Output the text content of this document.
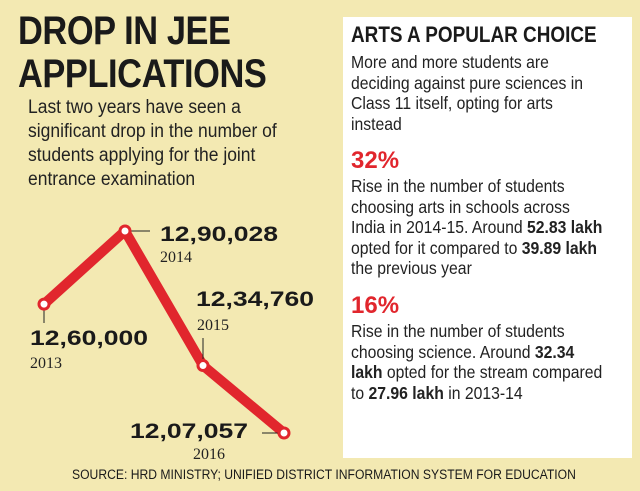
DROP IN JEE
APPLICATIONS
Last two years have seen a significant drop in the number of students applying for the joint entrance examination
12,60,000
2013
12,90,028
2014
12,34,760
2015
12,07,057
2016
ARTS A POPULAR CHOICE
More and more students are deciding against pure sciences in Class 11 itself, opting for arts instead
32%
Rise in the number of students choosing arts in schools across India in 2014-15. Around 52.83 lakh opted for it compared to 39.89 lakh the previous year
16%
Rise in the number of students choosing science. Around 32.34 lakh opted for the stream compared to 27.96 lakh in 2013-14
SOURCE: HRD MINISTRY; UNIFIED DISTRICT INFORMATION SYSTEM FOR EDUCATION
